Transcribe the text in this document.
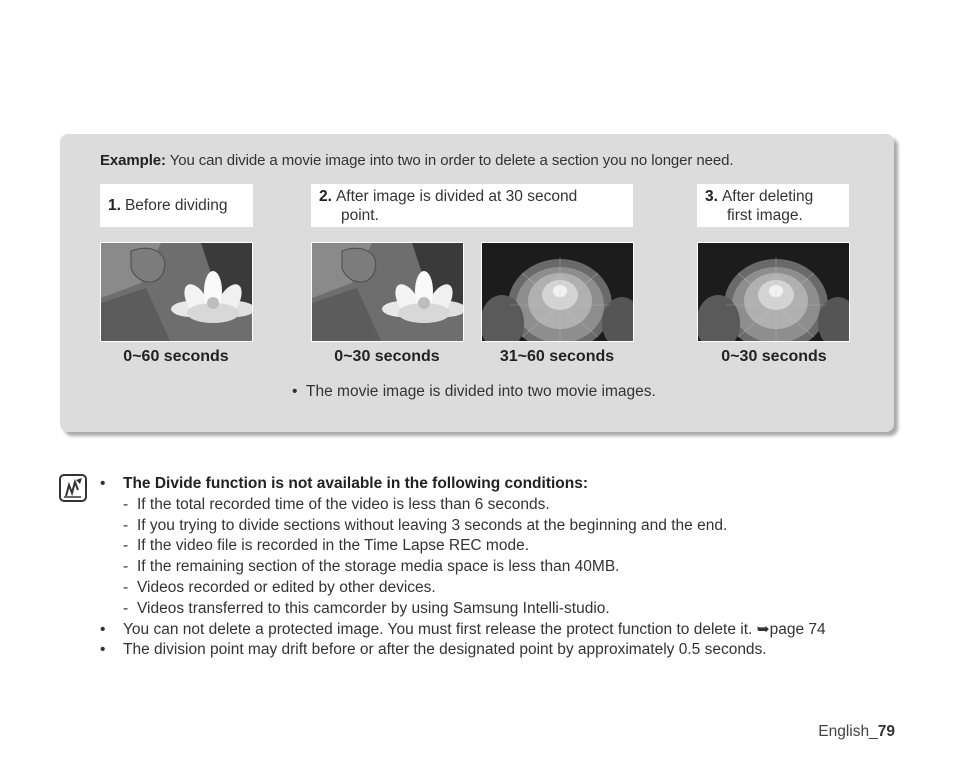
Example: You can divide a movie image into two in order to delete a section you no longer need.
1. Before dividing
2. After image is divided at 30 second
point.
3. After deleting
first image.
0~60 seconds	0~30 seconds	31~60 seconds	0~30 seconds
•  The movie image is divided into two movie images.
• The Divide function is not available in the following conditions:
- If the total recorded time of the video is less than 6 seconds.
- If you trying to divide sections without leaving 3 seconds at the beginning and the end.
- If the video file is recorded in the Time Lapse REC mode.
- If the remaining section of the storage media space is less than 40MB.
- Videos recorded or edited by other devices.
- Videos transferred to this camcorder by using Samsung Intelli-studio.
• You can not delete a protected image. You must first release the protect function to delete it. ➥page 74
• The division point may drift before or after the designated point by approximately 0.5 seconds.
English_79
